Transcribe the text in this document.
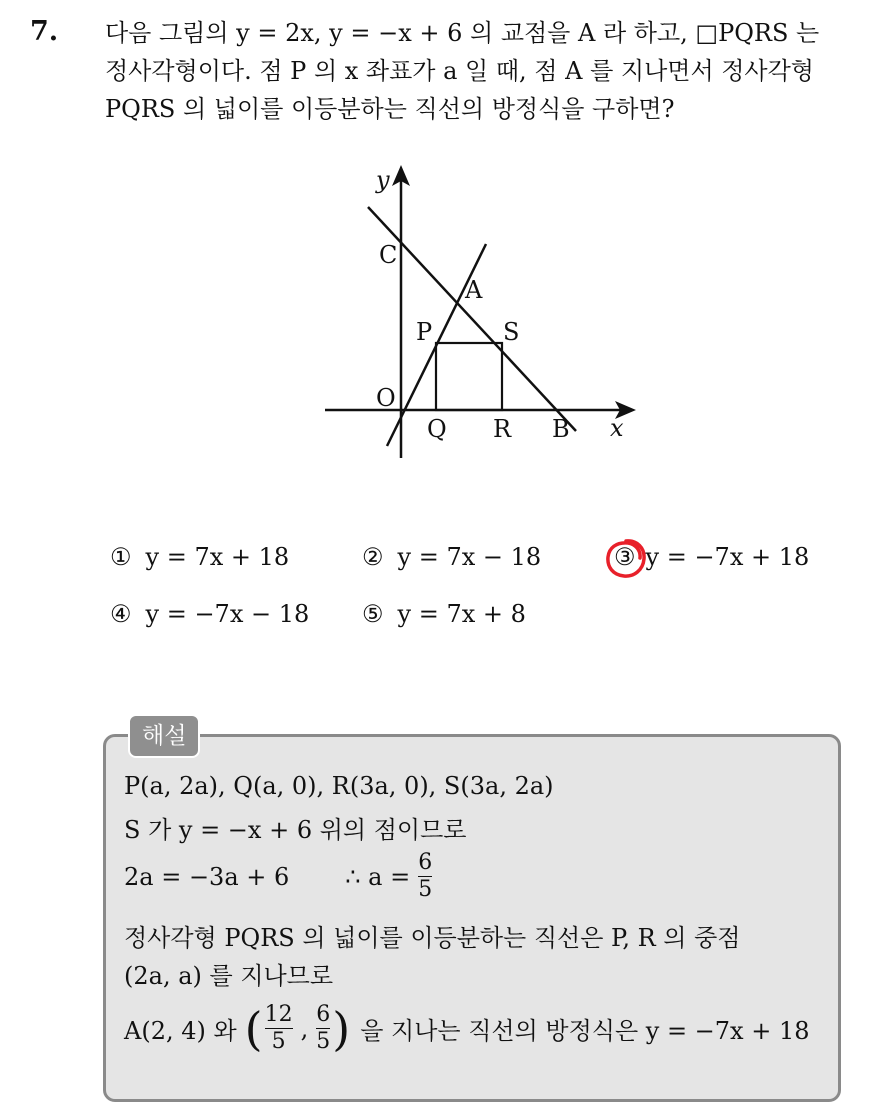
7. 다음 그림의 y = 2x, y = −x + 6 의 교점을 A 라 하고, □PQRS 는
정사각형이다. 점 P 의 x 좌표가 a 일 때, 점 A 를 지나면서 정사각형
PQRS 의 넓이를 이등분하는 직선의 방정식을 구하면?
y
x
C
A
P	S
O
Q R B
① y = 7x + 18	② y = 7x − 18	③ y = −7x + 18
④ y = −7x − 18 ⑤ y = 7x + 8
해설
P(a, 2a), Q(a, 0), R(3a, 0), S(3a, 2a)
S 가 y = −x + 6 위의 점이므로
2a = −3a + 6 ∴ $a = \frac{6}{5}$
정사각형 PQRS 의 넓이를 이등분하는 직선은 P, R 의 중점
(2a, a) 를 지나므로
A(2, 4) 와 ( $\frac{12}{5}$ , $\frac{6}{5}$ ) 을 지나는 직선의 방정식은 y = −7x + 18
